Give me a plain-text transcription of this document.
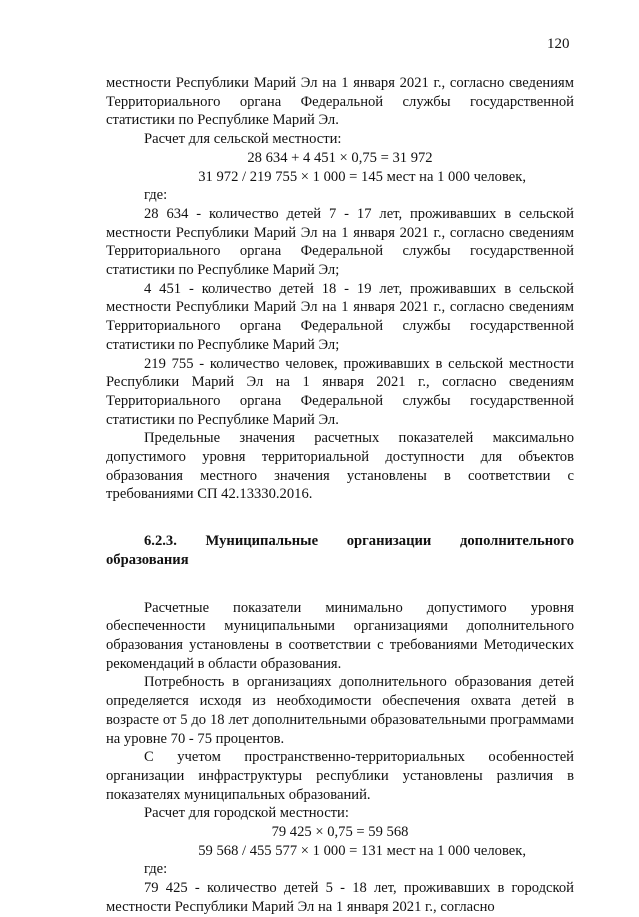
120

местности Республики Марий Эл на 1 января 2021 г., согласно сведениям Территориального органа Федеральной службы государственной статистики по Республике Марий Эл.

Расчет для сельской местности:

28 634 + 4 451 × 0,75 = 31 972

31 972 / 219 755 × 1 000 = 145 мест на 1 000 человек,

где:

28 634 - количество детей 7 - 17 лет, проживавших в сельской местности Республики Марий Эл на 1 января 2021 г., согласно сведениям Территориального органа Федеральной службы государственной статистики по Республике Марий Эл;

4 451 - количество детей 18 - 19 лет, проживавших в сельской местности Республики Марий Эл на 1 января 2021 г., согласно сведениям Территориального органа Федеральной службы государственной статистики по Республике Марий Эл;

219 755 - количество человек, проживавших в сельской местности Республики Марий Эл на 1 января 2021 г., согласно сведениям Территориального органа Федеральной службы государственной статистики по Республике Марий Эл.

Предельные значения расчетных показателей максимально допустимого уровня территориальной доступности для объектов образования местного значения установлены в соответствии с требованиями СП 42.13330.2016.

6.2.3. Муниципальные организации дополнительного образования

Расчетные показатели минимально допустимого уровня обеспеченности муниципальными организациями дополнительного образования установлены в соответствии с требованиями Методических рекомендаций в области образования.

Потребность в организациях дополнительного образования детей определяется исходя из необходимости обеспечения охвата детей в возрасте от 5 до 18 лет дополнительными образовательными программами на уровне 70 - 75 процентов.

С учетом пространственно-территориальных особенностей организации инфраструктуры республики установлены различия в показателях муниципальных образований.

Расчет для городской местности:

79 425 × 0,75 = 59 568

59 568 / 455 577 × 1 000 = 131 мест на 1 000 человек,

где:

79 425 - количество детей 5 - 18 лет, проживавших в городской местности Республики Марий Эл на 1 января 2021 г., согласно
